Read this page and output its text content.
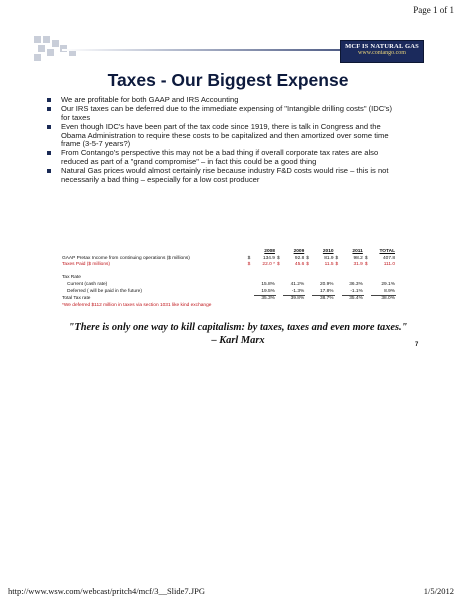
Page 1 of 1
MCF IS NATURAL GAS
www.contango.com
Taxes - Our Biggest Expense
We are profitable for both GAAP and IRS Accounting
Our IRS taxes can be deferred due to the immediate expensing of "Intangible drilling costs" (IDC's) for taxes
Even though IDC's have been part of the tax code since 1919, there is talk in Congress and the Obama Administration to require these costs to be capitalized and then amortized over some time frame (3-5-7 years?)
From Contango's perspective this may not be a bad thing if overall corporate tax rates are also reduced as part of a "grand compromise" – in fact this could be a good thing
Natural Gas prices would almost certainly rise because industry F&D costs would rise – this is not necessarily a bad thing – especially for a low cost producer
		2008		2009		2010		2011		TOTAL
GAAP Pretax Income from continuing operations ($ millions)	$	134.9	$	92.8	$	81.9	$	98.2	$	407.8
Taxes Paid ($ millions)	$	22.0 *	$	45.6	$	11.5	$	31.9	$	111.0

Tax Rate										
Current (cash rate)		15.8%		41.2%		20.9%		36.3%		29.1%
Deferred ( will be paid in the future)		19.5%		-1.3%		17.8%		-1.1%		8.9%
Total Tax rate		35.3%		39.8%		38.7%		35.4%		38.0%
*We deferred $112 million in taxes via section 1031 like kind exchange										
"There is only one way to kill capitalism: by taxes, taxes and even more taxes."
– Karl Marx	7
http://www.wsw.com/webcast/pritch4/mcf/3__Slide7.JPG	1/5/2012
